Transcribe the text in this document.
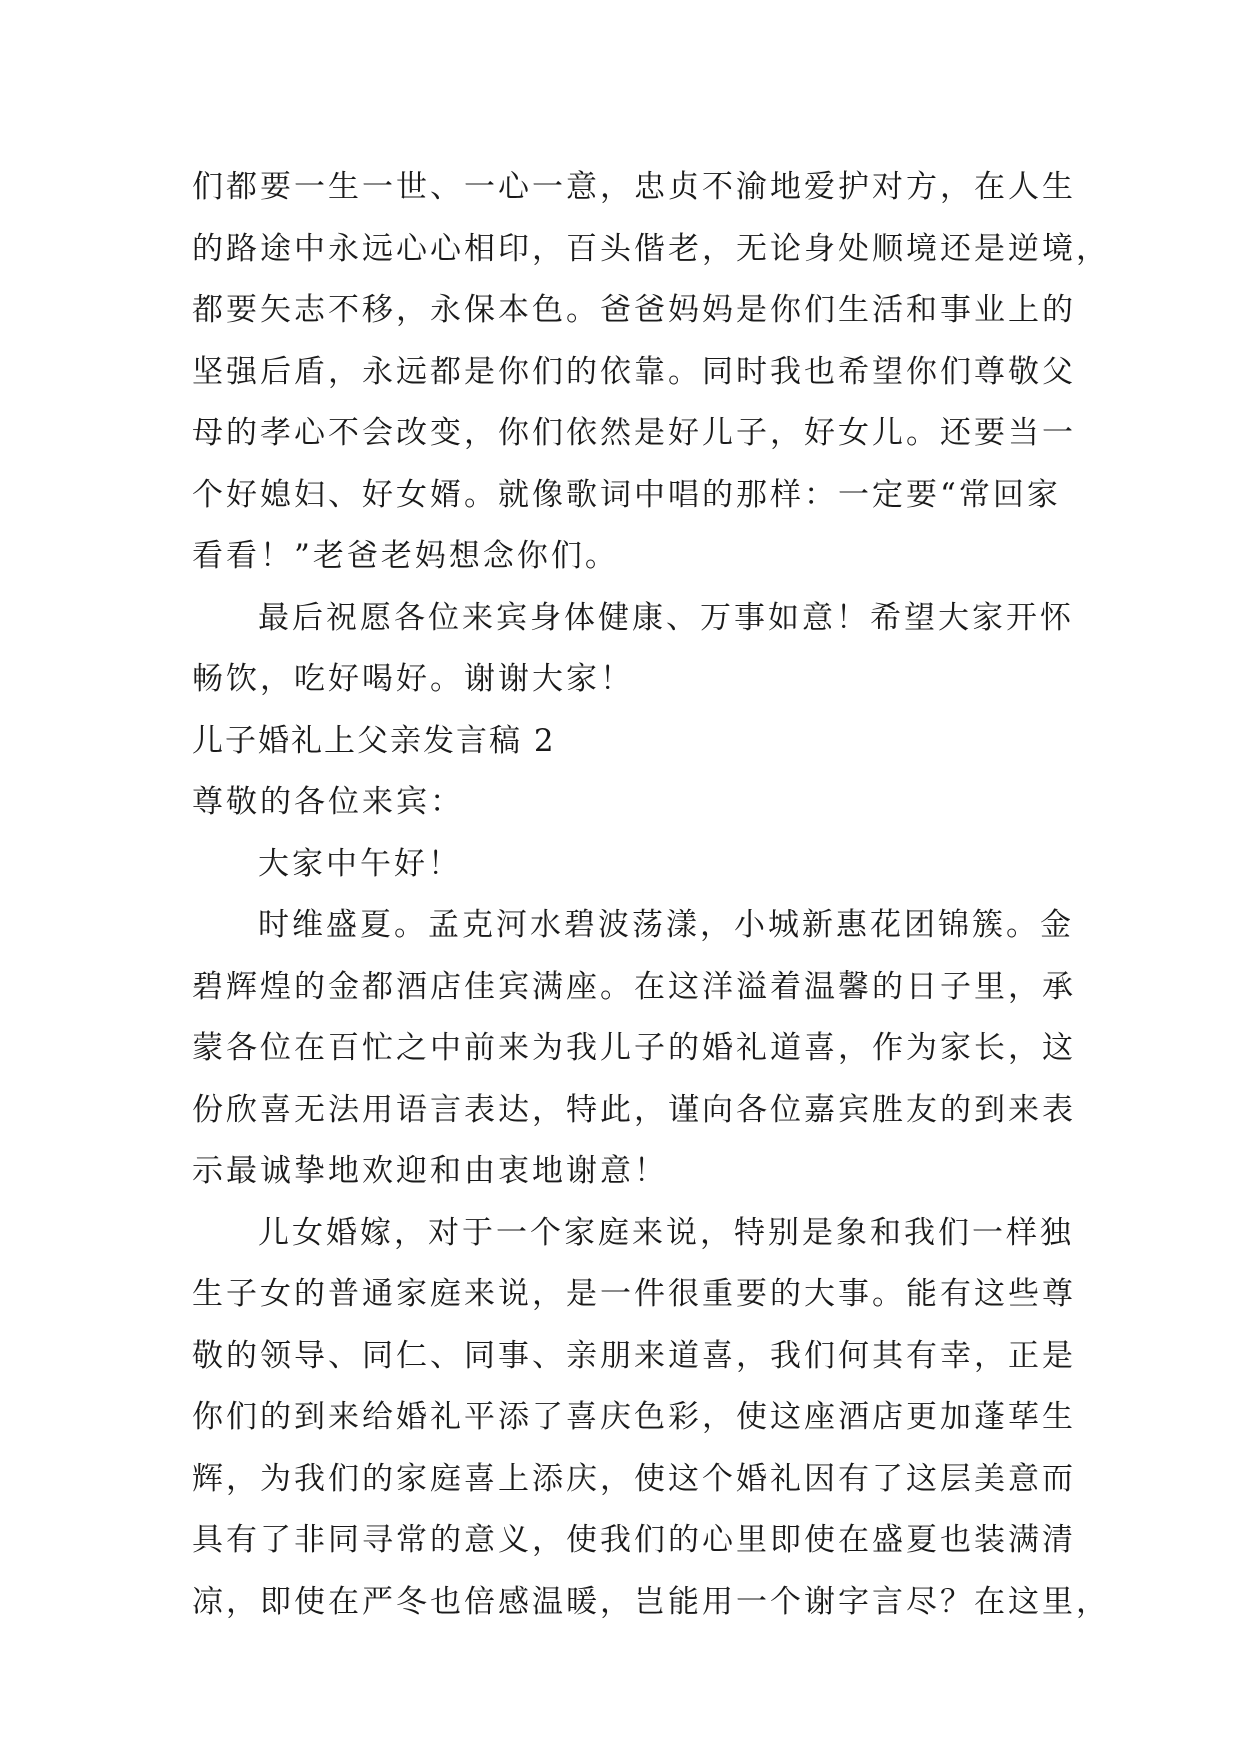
们都要一生一世、一心一意，忠贞不渝地爱护对方，在人生
的路途中永远心心相印，百头偕老，无论身处顺境还是逆境，
都要矢志不移，永保本色。爸爸妈妈是你们生活和事业上的
坚强后盾，永远都是你们的依靠。同时我也希望你们尊敬父
母的孝心不会改变，你们依然是好儿子，好女儿。还要当一
个好媳妇、好女婿。就像歌词中唱的那样：一定要“常回家
看看！”老爸老妈想念你们。
最后祝愿各位来宾身体健康、万事如意！希望大家开怀
畅饮，吃好喝好。谢谢大家！
儿子婚礼上父亲发言稿 2
尊敬的各位来宾：
大家中午好！
时维盛夏。孟克河水碧波荡漾，小城新惠花团锦簇。金
碧辉煌的金都酒店佳宾满座。在这洋溢着温馨的日子里，承
蒙各位在百忙之中前来为我儿子的婚礼道喜，作为家长，这
份欣喜无法用语言表达，特此，谨向各位嘉宾胜友的到来表
示最诚挚地欢迎和由衷地谢意！
儿女婚嫁，对于一个家庭来说，特别是象和我们一样独
生子女的普通家庭来说，是一件很重要的大事。能有这些尊
敬的领导、同仁、同事、亲朋来道喜，我们何其有幸，正是
你们的到来给婚礼平添了喜庆色彩，使这座酒店更加蓬荜生
辉，为我们的家庭喜上添庆，使这个婚礼因有了这层美意而
具有了非同寻常的意义，使我们的心里即使在盛夏也装满清
凉，即使在严冬也倍感温暖，岂能用一个谢字言尽？在这里，
